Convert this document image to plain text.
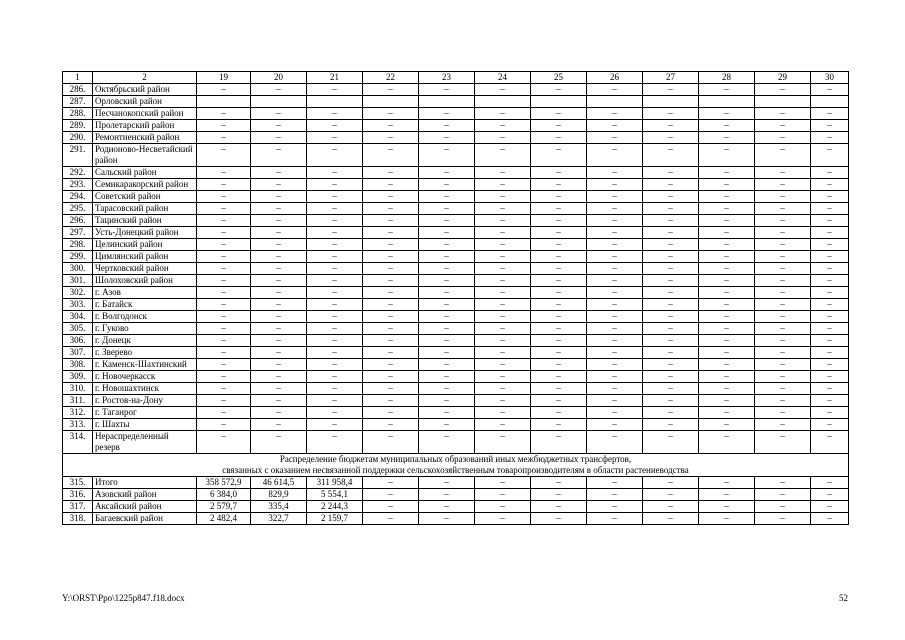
1	2	19	20	21	22	23	24	25	26	27	28	29	30
286.	Октябрьский район	–	–	–	–	–	–	–	–	–	–	–	–
287.	Орловский район												
288.	Песчанокопский район	–	–	–	–	–	–	–	–	–	–	–	–
289.	Пролетарский район	–	–	–	–	–	–	–	–	–	–	–	–
290.	Ремонтненский район	–	–	–	–	–	–	–	–	–	–	–	–
291.	Родионово-Несветайский район	–	–	–	–	–	–	–	–	–	–	–	–
292.	Сальский район	–	–	–	–	–	–	–	–	–	–	–	–
293.	Семикаракорский район	–	–	–	–	–	–	–	–	–	–	–	–
294.	Советский район	–	–	–	–	–	–	–	–	–	–	–	–
295.	Тарасовский район	–	–	–	–	–	–	–	–	–	–	–	–
296.	Тацинский район	–	–	–	–	–	–	–	–	–	–	–	–
297.	Усть-Донецкий район	–	–	–	–	–	–	–	–	–	–	–	–
298.	Целинский район	–	–	–	–	–	–	–	–	–	–	–	–
299.	Цимлянский район	–	–	–	–	–	–	–	–	–	–	–	–
300.	Чертковский район	–	–	–	–	–	–	–	–	–	–	–	–
301.	Шолоховский район	–	–	–	–	–	–	–	–	–	–	–	–
302.	г. Азов	–	–	–	–	–	–	–	–	–	–	–	–
303.	г. Батайск	–	–	–	–	–	–	–	–	–	–	–	–
304.	г. Волгодонск	–	–	–	–	–	–	–	–	–	–	–	–
305.	г. Гуково	–	–	–	–	–	–	–	–	–	–	–	–
306.	г. Донецк	–	–	–	–	–	–	–	–	–	–	–	–
307.	г. Зверево	–	–	–	–	–	–	–	–	–	–	–	–
308.	г. Каменск-Шахтинский	–	–	–	–	–	–	–	–	–	–	–	–
309.	г. Новочеркасск	–	–	–	–	–	–	–	–	–	–	–	–
310.	г. Новошахтинск	–	–	–	–	–	–	–	–	–	–	–	–
311.	г. Ростов-на-Дону	–	–	–	–	–	–	–	–	–	–	–	–
312.	г. Таганрог	–	–	–	–	–	–	–	–	–	–	–	–
313.	г. Шахты	–	–	–	–	–	–	–	–	–	–	–	–
314.	Нераспределенный резерв	–	–	–	–	–	–	–	–	–	–	–	–

Распределение бюджетам муниципальных образований иных межбюджетных трансфертов,
связанных с оказанием несвязанной поддержки сельскохозяйственным товаропроизводителям в области растениеводства													

315.	Итого	358 572,9	46 614,5	311 958,4	–	–	–	–	–	–	–	–	–
316.	Азовский район	6 384,0	829,9	5 554,1	–	–	–	–	–	–	–	–	–
317.	Аксайский район	2 579,7	335,4	2 244,3	–	–	–	–	–	–	–	–	–
318.	Багаевский район	2 482,4	322,7	2 159,7	–	–	–	–	–	–	–	–	–
Y:\ORST\Ppo\1225p847.f18.docx	52
